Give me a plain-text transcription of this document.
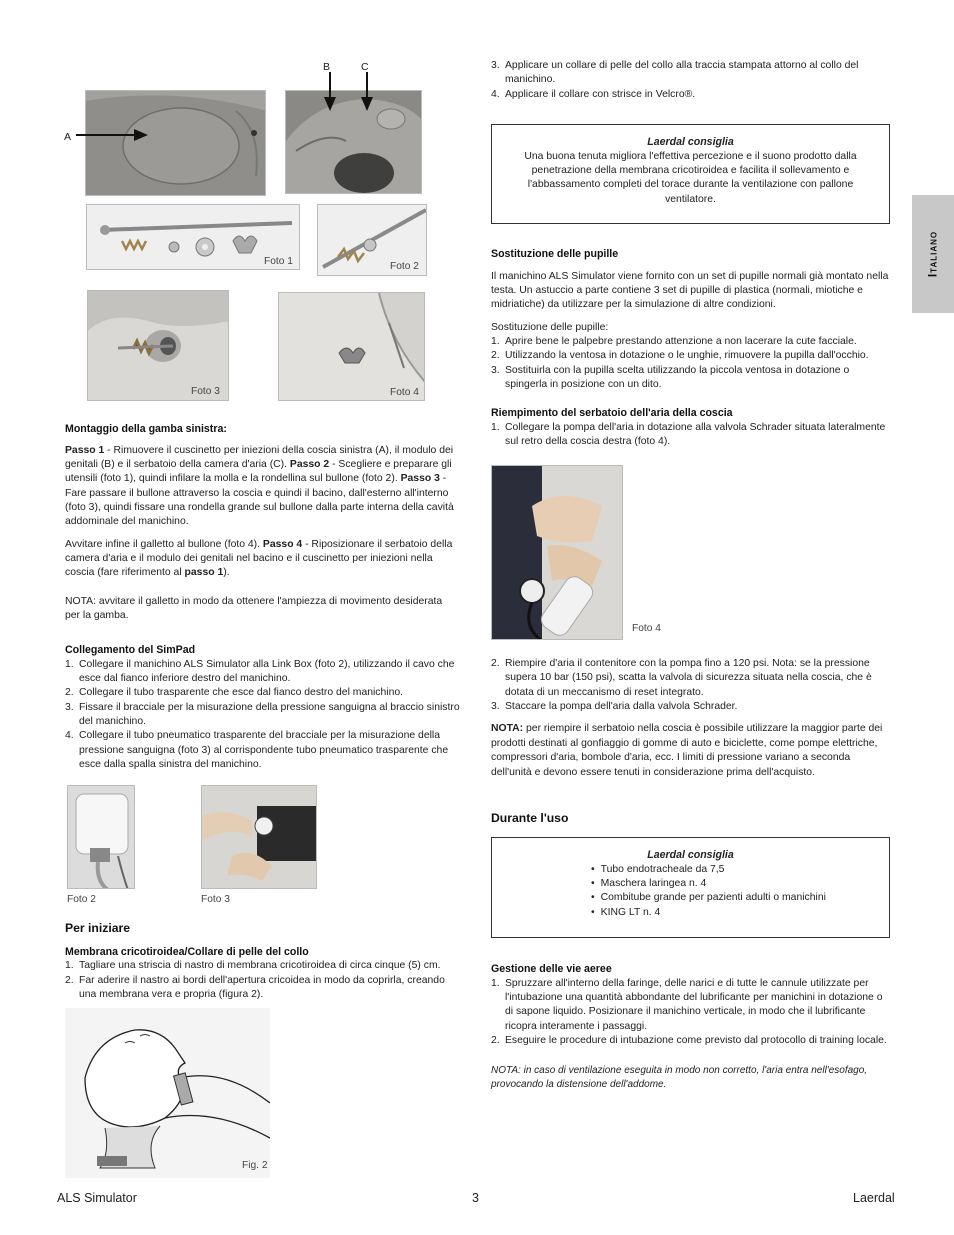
A
B	C
Foto 1	Foto 2
Foto 3	Foto 4
Montaggio della gamba sinistra:

Passo 1 - Rimuovere il cuscinetto per iniezioni della coscia sinistra (A), il modulo dei genitali (B) e il serbatoio della camera d'aria (C). Passo 2 - Scegliere e preparare gli utensili (foto 1), quindi infilare la molla e la rondellina sul bullone (foto 2). Passo 3 - Fare passare il bullone attraverso la coscia e quindi il bacino, dall'esterno all'interno (foto 3), quindi fissare una rondella grande sul bullone dalla parte interna della cavità addominale del manichino.

Avvitare infine il galletto al bullone (foto 4). Passo 4 - Riposizionare il serbatoio della camera d'aria e il modulo dei genitali nel bacino e il cuscinetto per iniezioni nella coscia (fare riferimento al passo 1).

NOTA: avvitare il galletto in modo da ottenere l'ampiezza di movimento desiderata per la gamba.

Collegamento del SimPad
1. Collegare il manichino ALS Simulator alla Link Box (foto 2), utilizzando il cavo che esce dal fianco inferiore destro del manichino.
2. Collegare il tubo trasparente che esce dal fianco destro del manichino.
3. Fissare il bracciale per la misurazione della pressione sanguigna al braccio sinistro del manichino.
4. Collegare il tubo pneumatico trasparente del bracciale per la misurazione della pressione sanguigna (foto 3) al corrispondente tubo pneumatico trasparente che esce dalla spalla sinistra del manichino.
Foto 2	Foto 3
Per iniziare
Membrana cricotiroidea/Collare di pelle del collo
1. Tagliare una striscia di nastro di membrana cricotiroidea di circa cinque (5) cm.
2. Far aderire il nastro ai bordi dell'apertura cricoidea in modo da coprirla, creando una membrana vera e propria (figura 2).
Fig. 2
3. Applicare un collare di pelle del collo alla traccia stampata attorno al collo del manichino.
4. Applicare il collare con strisce in Velcro®.
Laerdal consiglia

Una buona tenuta migliora l'effettiva percezione e il suono prodotto dalla penetrazione della membrana cricotiroidea e facilita il sollevamento e l'abbassamento completi del torace durante la ventilazione con pallone ventilatore.

Sostituzione delle pupille

Il manichino ALS Simulator viene fornito con un set di pupille normali già montato nella testa. Un astuccio a parte contiene 3 set di pupille di plastica (normali, miotiche e midriatiche) da utilizzare per la simulazione di altre condizioni.

Sostituzione delle pupille:

1. Aprire bene le palpebre prestando attenzione a non lacerare la cute facciale.
2. Utilizzando la ventosa in dotazione o le unghie, rimuovere la pupilla dall'occhio.
3. Sostituirla con la pupilla scelta utilizzando la piccola ventosa in dotazione o spingerla in posizione con un dito.
Riempimento del serbatoio dell'aria della coscia
1. Collegare la pompa dell'aria in dotazione alla valvola Schrader situata lateralmente sul retro della coscia destra (foto 4).
Foto 4
2. Riempire d'aria il contenitore con la pompa fino a 120 psi. Nota: se la pressione supera 10 bar (150 psi), scatta la valvola di sicurezza situata nella coscia, che è dotata di un meccanismo di reset integrato.
3. Staccare la pompa dell'aria dalla valvola Schrader.

NOTA: per riempire il serbatoio nella coscia è possibile utilizzare la maggior parte dei prodotti destinati al gonfiaggio di gomme di auto e biciclette, come pompe elettriche, compressori d'aria, bombole d'aria, ecc. I limiti di pressione variano a seconda dell'unità e devono essere tenuti in considerazione prima dell'acquisto.

Durante l'uso
Laerdal consiglia
• Tubo endotracheale da 7,5
• Maschera laringea n. 4
• Combitube grande per pazienti adulti o manichini
• KING LT n. 4
Gestione delle vie aeree
1. Spruzzare all'interno della faringe, delle narici e di tutte le cannule utilizzate per l'intubazione una quantità abbondante del lubrificante per manichini in dotazione o di sapone liquido. Posizionare il manichino verticale, in modo che il lubrificante ricopra interamente i passaggi.
2. Eseguire le procedure di intubazione come previsto dal protocollo di training locale.

NOTA: in caso di ventilazione eseguita in modo non corretto, l'aria entra nell'esofago, provocando la distensione dell'addome.

Italiano
ALS Simulator	3	Laerdal
